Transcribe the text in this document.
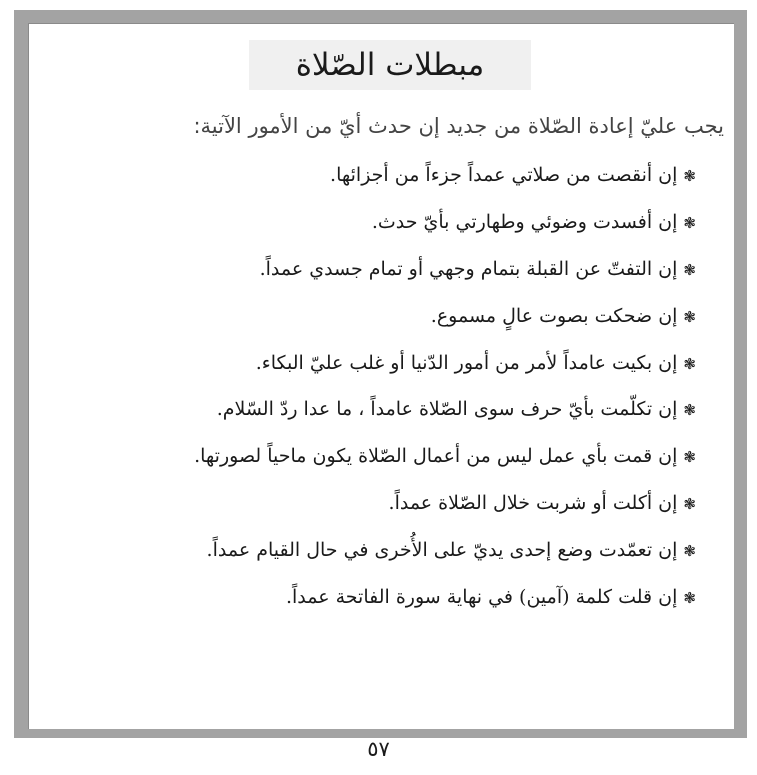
مبطلات الصّلاة
يجب عليّ إعادة الصّلاة من جديد إن حدث أيّ من الأمور الآتية:
❃
إن أنقصت من صلاتي عمداً جزءاً من أجزائها.
❃
إن أفسدت وضوئي وطهارتي بأيّ حدث.
❃
إن التفتّ عن القبلة بتمام وجهي أو تمام جسدي عمداً.
❃
إن ضحكت بصوت عالٍ مسموع.
❃
إن بكيت عامداً لأمر من أمور الدّنيا أو غلب عليّ البكاء.
❃
إن تكلّمت بأيّ حرف سوى الصّلاة عامداً ، ما عدا ردّ السّلام.
❃
إن قمت بأي عمل ليس من أعمال الصّلاة يكون ماحياً لصورتها.
❃
إن أكلت أو شربت خلال الصّلاة عمداً.
❃
إن تعمّدت وضع إحدى يديّ على الأُخرى في حال القيام عمداً.
❃
إن قلت كلمة (آمين) في نهاية سورة الفاتحة عمداً.
٥٧
